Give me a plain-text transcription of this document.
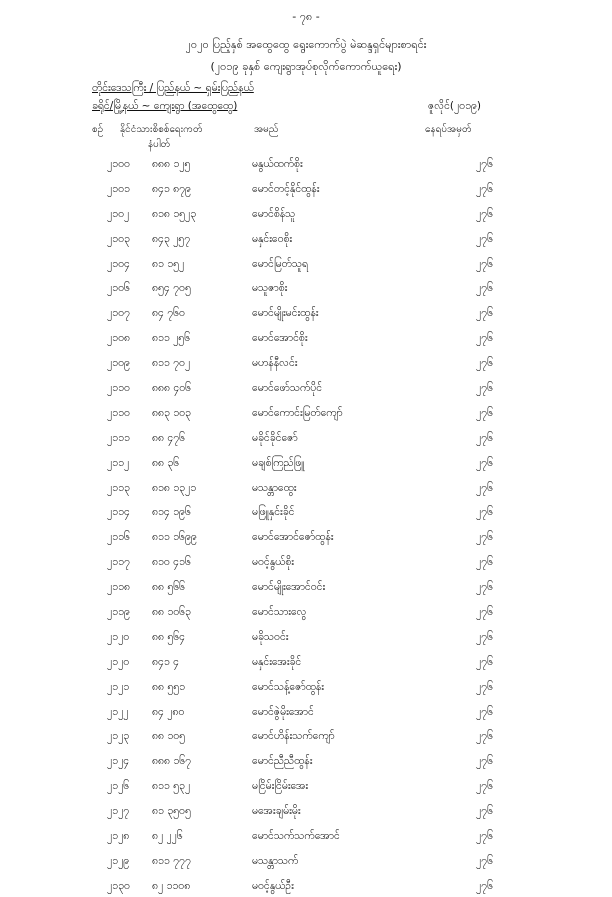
- ၇၈ -
၂၀၂၀ ပြည့်နှစ် အထွေထွေ ရွေးကောက်ပွဲ မဲဆန္ဒရှင်များစာရင်း
(၂၀၁၉ ခုနှစ် ကျေးရွာအုပ်စုလိုက်ကောက်ယူရေး)
တိုင်းဒေသကြီး / ပြည်နယ် ~ ရှမ်းပြည်နယ်
ခရိုင်/မြို့နယ် ~ ကျေးရွာ (အထွေထွေ)	ဇူလိုင်(၂၀၁၉)
စဉ် နိုင်ငံသားစိစစ်ရေးကတ်	အမည်	နေရပ်အမှတ်
နံပါတ်
၂၁၀၀ ၈၈၈ ၁၂၅	မနွယ်ထက်စိုး	၂၇၆
၂၁၀၁ ၈၄၁ ၈၇၉	မောင်တင့်နိုင်ထွန်း	၂၇၆
၂၁၀၂ ၈၁၈ ၁၅၂၃	မောင်စိန်သူ	၂၇၆
၂၁၀၃ ၈၄၃ ၂၅၇	မနှင်းဝေစိုး	၂၇၆
၂၁၀၄ ၈၁ ၁၅၂	မောင်မြတ်သူရ	၂၇၆
၂၁၀၆ ၈၅၄ ၇၀၅	မသူဇာစိုး	၂၇၆
၂၁၀၇ ၈၄ ၇၆၀	မောင်မျိုးမင်းထွန်း	၂၇၆
၂၁၀၈ ၈၁၁ ၂၅၆	မောင်အောင်စိုး	၂၇၆
၂၁၀၉ ၈၁၁ ၇၀၂	မဟန်နီလင်း	၂၇၆
၂၁၁၀ ၈၈၈ ၄၀၆	မောင်ဖော်သက်ပိုင်	၂၇၆
၂၁၁၀ ၈၈၃ ၁၀၃	မောင်ကောင်းမြတ်ကျော်	၂၇၆
၂၁၁၁ ၈၈ ၄၇၆	မခိုင်ခိုင်ဇော်	၂၇၆
၂၁၁၂ ၈၈ ၃၆	မချစ်ကြည်ဖြူ	၂၇၆
၂၁၁၃ ၈၁၈ ၁၃၂၁	မသန္တာထွေး	၂၇၆
၂၁၁၄ ၈၁၄ ၁၉၆	မဖြူနှင်းခိုင်	၂၇၆
၂၁၁၆ ၈၁၁ ၁၆၉၉	မောင်အောင်ဇော်ထွန်း	၂၇၆
၂၁၁၇ ၈၁၀ ၄၁၆	မဝင့်နွယ်စိုး	၂၇၆
၂၁၁၈ ၈၈ ၅၆၆	မောင်မျိုးအောင်ဝင်း	၂၇၆
၂၁၁၉ ၈၈ ၁၀၆၃	မောင်သားလွေ	၂၇၆
၂၁၂၀ ၈၈ ၅၆၄	မခိုသဝင်း	၂၇၆
၂၁၂၀ ၈၄၁ ၄	မနှင်းအေးခိုင်	၂၇၆
၂၁၂၁ ၈၈ ၅၅၁	မောင်သန့်ဇော်ထွန်း	၂၇၆
၂၁၂၂ ၈၄ ၂၈၀	မောင်ဇွဲမိုးအောင်	၂၇၆
၂၁၂၃ ၈၈ ၁၀၅	မောင်ဟိန်းသက်ကျော်	၂၇၆
၂၁၂၄ ၈၈၈ ၁၆၇	မောင်ညီညီထွန်း	၂၇၆
၂၁၂၆ ၈၁၁ ၅၃၂	မငြိမ်းငြိမ်းအေး	၂၇၆
၂၁၂၇ ၈၁ ၃၅၀၅	မအေးချမ်းမိုး	၂၇၆
၂၁၂၈ ၈၂ ၂၂၆	မောင်သက်သက်အောင်	၂၇၆
၂၁၂၉ ၈၁၁ ၇၇၇	မသန္တာသက်	၂၇၆
၂၁၃၀ ၈၂ ၁၁၀၈	မဝင့်နွယ်ဦး	၂၇၆
